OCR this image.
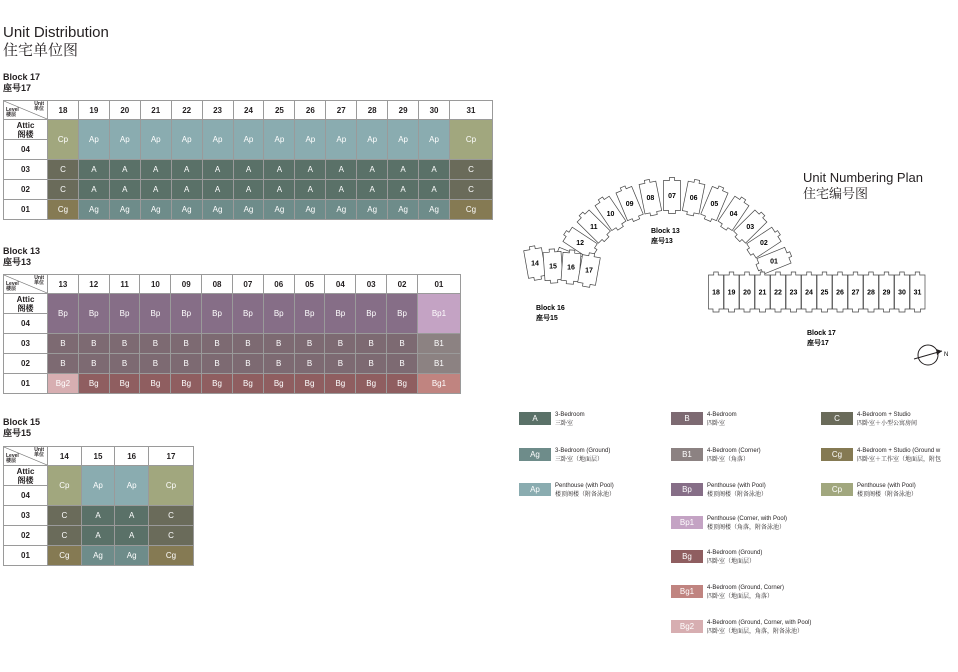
Unit Distribution
住宅单位图
Block 17
座号17
Unit
单位
Level
楼层	18	19	20	21	22	23	24	25	26	27	28	29	30	31

Attic
阁楼	Cp	Ap	Ap	Ap	Ap	Ap	Ap	Ap	Ap	Ap	Ap	Ap	Ap	Cp
04														
03	C	A	A	A	A	A	A	A	A	A	A	A	A	C
02	C	A	A	A	A	A	A	A	A	A	A	A	A	C
01	Cg	Ag	Ag	Ag	Ag	Ag	Ag	Ag	Ag	Ag	Ag	Ag	Ag	Cg
Block 13
座号13
Unit
单位
Level
楼层	13	12	11	10	09	08	07	06	05	04	03	02	01

Attic
阁楼	Bp	Bp	Bp	Bp	Bp	Bp	Bp	Bp	Bp	Bp	Bp	Bp	Bp1
04													
03	B	B	B	B	B	B	B	B	B	B	B	B	B1
02	B	B	B	B	B	B	B	B	B	B	B	B	B1
01	Bg2	Bg	Bg	Bg	Bg	Bg	Bg	Bg	Bg	Bg	Bg	Bg	Bg1
Block 15
座号15
Unit
单位
Level
楼层	14	15	16	17

Attic
阁楼	Cp	Ap	Ap	Cp
04				
03	C	A	A	C
02	C	A	A	C
01	Cg	Ag	Ag	Cg
Unit Numbering Plan
住宅编号图
01
02
03
04
05
06
07
08
09
10
11
12
14 15 16 17
18 19 20 21 22 23 24 25 26 27 28 29 30 31
Block 13
座号13
Block 16
座号15
Block 17
座号17
N
A	3-Bedroom
三卧室
Ag	3-Bedroom (Ground)
三卧室（地面层）
Ap	Penthouse (with Pool)
楼顶阁楼（附备泳池）
B	4-Bedroom
四卧室
B1	4-Bedroom (Corner)
四卧室（角落）
Bp	Penthouse (with Pool)
楼顶阁楼（附备泳池）
Bp1	Penthouse (Corner, with Pool)
楼顶阁楼（角落，附备泳池）
Bg	4-Bedroom (Ground)
四卧室（地面层）
Bg1	4-Bedroom (Ground, Corner)
四卧室（地面层，角落）
Bg2	4-Bedroom (Ground, Corner, with Pool)
四卧室（地面层，角落，附备泳池）
C	4-Bedroom + Studio
四卧室＋小型公寓房间
Cg	4-Bedroom + Studio (Ground w
四卧室＋工作室（地面层，附包
Cp	Penthouse (with Pool)
楼顶阁楼（附备泳池）
